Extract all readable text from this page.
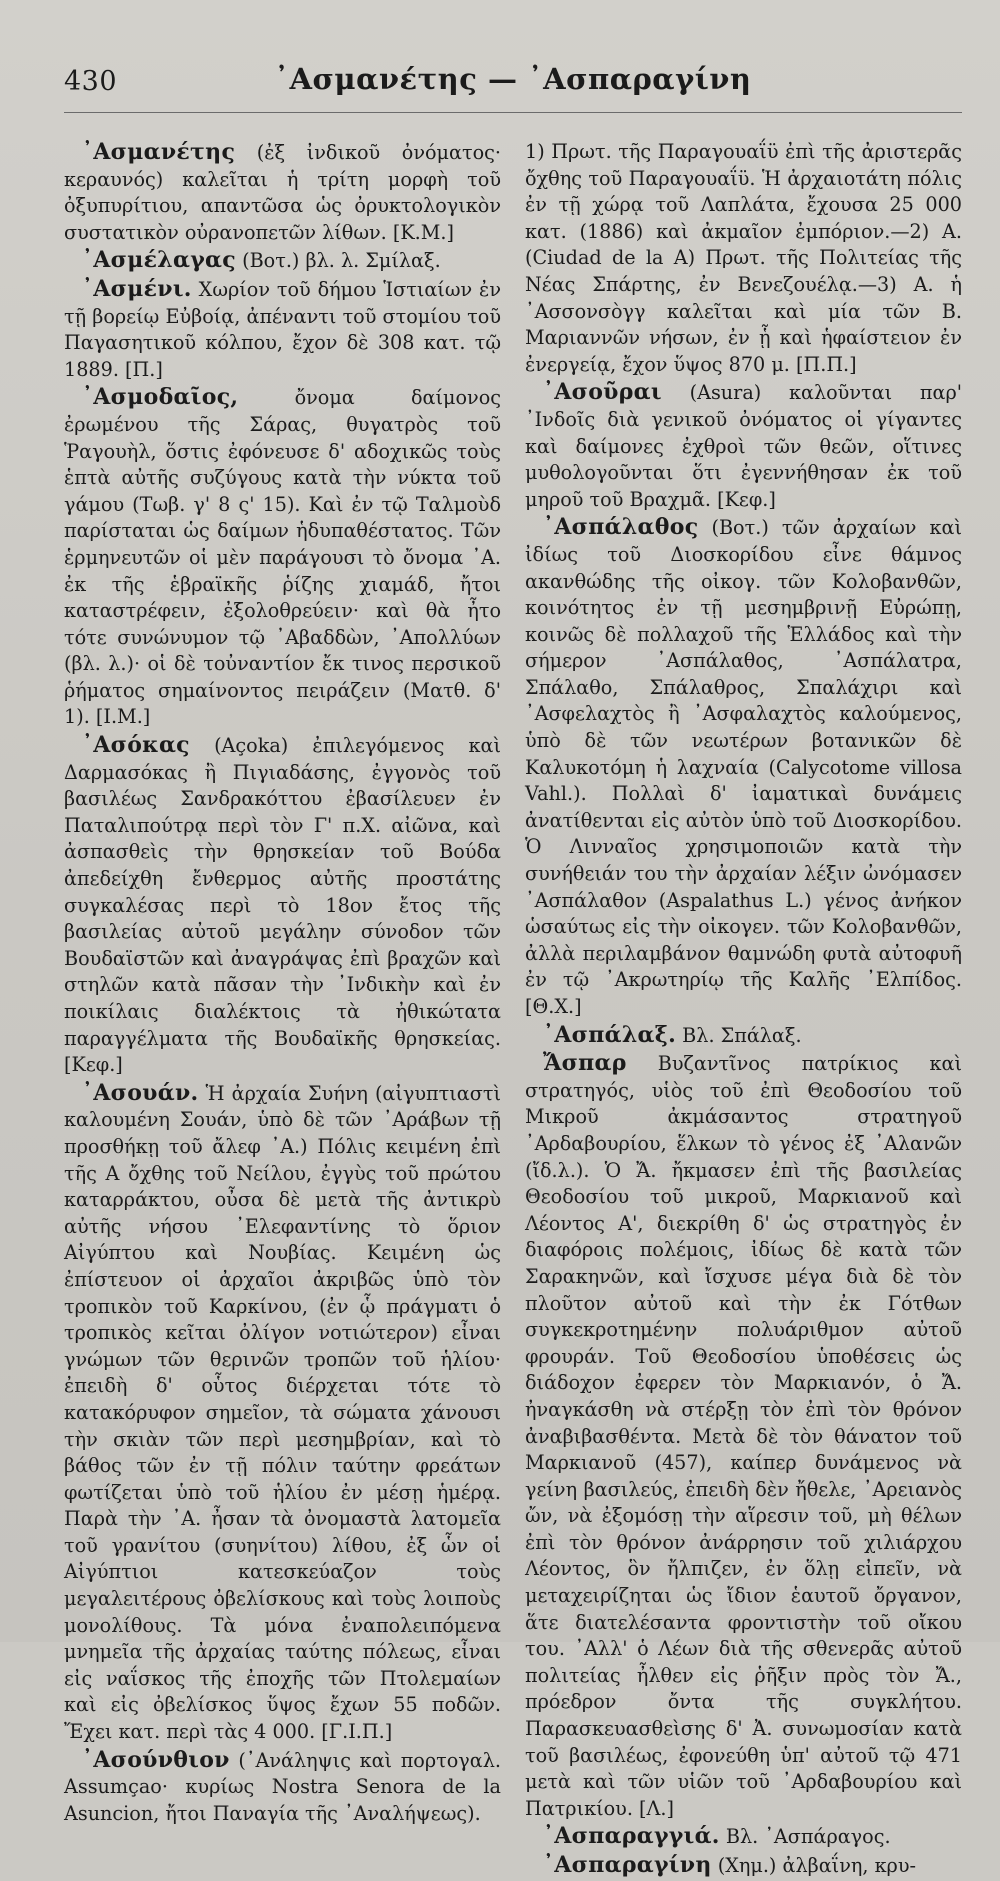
430	᾿Ασμανέτης — ᾿Ασπαραγίνη

᾿Ασμανέτης (ἐξ ἰνδικοῦ ὀνόματος· κεραυνός) καλεῖται ἡ τρίτη μορφὴ τοῦ ὀξυπυρίτιου, απαντῶσα ὡς ὀρυκτολογικὸν συστατικὸν οὐρανοπετῶν λίθων. [Κ.Μ.]

᾿Ασμέλαγας (Βοτ.) βλ. λ. Σμίλαξ.

᾿Ασμένι. Χωρίον τοῦ δήμου Ἱστιαίων ἐν τῇ βορείῳ Εὐβοίᾳ, ἀπέναντι τοῦ στομίου τοῦ Παγασητικοῦ κόλπου, ἔχον δὲ 308 κατ. τῷ 1889. [Π.]

᾿Ασμοδαῖος, ὄνομα δαίμονος ἐρωμένου τῆς Σάρας, θυγατρὸς τοῦ Ῥαγουὴλ, ὅστις ἐφόνευσε δ' αδοχικῶς τοὺς ἑπτὰ αὐτῆς συζύγους κατὰ τὴν νύκτα τοῦ γάμου (Τωβ. γ' 8 ς' 15). Καὶ ἐν τῷ Ταλμοὺδ παρίσταται ὡς δαίμων ἡδυπαθέστατος. Τῶν ἑρμηνευτῶν οἱ μὲν παράγουσι τὸ ὄνομα ᾿Α. ἐκ τῆς ἑβραϊκῆς ῥίζης χιαμάδ, ἤτοι καταστρέφειν, ἐξολοθρεύειν· καὶ θὰ ἦτο τότε συνώνυμον τῷ ᾿Αβαδδὼν, ᾿Απολλύων (βλ. λ.)· οἱ δὲ τοὐναντίον ἔκ τινος περσικοῦ ῥήματος σημαίνοντος πειράζειν (Ματθ. δ' 1). [Ι.Μ.]

᾿Ασόκας (Açoka) ἐπιλεγόμενος καὶ Δαρμασόκας ἢ Πιγιαδάσης, ἐγγονὸς τοῦ βασιλέως Σανδρακόττου ἐβασίλευεν ἐν Παταλιπούτρᾳ περὶ τὸν Γ' π.Χ. αἰῶνα, καὶ ἀσπασθεὶς τὴν θρησκείαν τοῦ Βούδα ἀπεδείχθη ἔνθερμος αὐτῆς προστάτης συγκαλέσας περὶ τὸ 18ον ἔτος τῆς βασιλείας αὐτοῦ μεγάλην σύνοδον τῶν Βουδαϊστῶν καὶ ἀναγράψας ἐπὶ βραχῶν καὶ στηλῶν κατὰ πᾶσαν τὴν ᾿Ινδικὴν καὶ ἐν ποικίλαις διαλέκτοις τὰ ἠθικώτατα παραγγέλματα τῆς Βουδαϊκῆς θρησκείας. [Κεφ.]

᾿Ασουάν. Ἡ ἀρχαία Συήνη (αἰγυπτιαστὶ καλουμένη Σουάν, ὑπὸ δὲ τῶν ᾿Αράβων τῇ προσθήκῃ τοῦ ἄλεφ ᾿Α.) Πόλις κειμένη ἐπὶ τῆς Α ὄχθης τοῦ Νείλου, ἐγγὺς τοῦ πρώτου καταρράκτου, οὖσα δὲ μετὰ τῆς ἀντικρὺ αὐτῆς νήσου ᾿Ελεφαντίνης τὸ ὅριον Αἰγύπτου καὶ Νουβίας. Κειμένη ὡς ἐπίστευον οἱ ἀρχαῖοι ἀκριβῶς ὑπὸ τὸν τροπικὸν τοῦ Καρκίνου, (ἐν ᾧ πράγματι ὁ τροπικὸς κεῖται ὀλίγον νοτιώτερον) εἶναι γνώμων τῶν θερινῶν τροπῶν τοῦ ἡλίου· ἐπειδὴ δ' οὗτος διέρχεται τότε τὸ κατακόρυφον σημεῖον, τὰ σώματα χάνουσι τὴν σκιὰν τῶν περὶ μεσημβρίαν, καὶ τὸ βάθος τῶν ἐν τῇ πόλιν ταύτην φρεάτων φωτίζεται ὑπὸ τοῦ ἡλίου ἐν μέσῃ ἡμέρᾳ. Παρὰ τὴν ᾿Α. ἦσαν τὰ ὀνομαστὰ λατομεῖα τοῦ γρανίτου (συηνίτου) λίθου, ἐξ ὧν οἱ Αἰγύπτιοι κατεσκεύαζον τοὺς μεγαλειτέρους ὀβελίσκους καὶ τοὺς λοιποὺς μονολίθους. Τὰ μόνα ἐναπολειπόμενα μνημεῖα τῆς ἀρχαίας ταύτης πόλεως, εἶναι εἰς ναΐσκος τῆς ἐποχῆς τῶν Πτολεμαίων καὶ εἰς ὀβελίσκος ὕψος ἔχων 55 ποδῶν. Ἔχει κατ. περὶ τὰς 4 000. [Γ.Ι.Π.]

᾿Ασούνθιον (᾿Ανάληψις καὶ πορτογαλ. Assumçao· κυρίως Nostra Senora de la Asuncion, ἤτοι Παναγία τῆς ᾿Αναλήψεως).

1) Πρωτ. τῆς Παραγουαΐϋ ἐπὶ τῆς ἀριστερᾶς ὄχθης τοῦ Παραγουαΐϋ. Ἡ ἀρχαιοτάτη πόλις ἐν τῇ χώρᾳ τοῦ Λαπλάτα, ἔχουσα 25 000 κατ. (1886) καὶ ἀκμαῖον ἐμπόριον.—2) Α. (Ciudad de la A) Πρωτ. τῆς Πολιτείας τῆς Νέας Σπάρτης, ἐν Βενεζουέλᾳ.—3) Α. ἡ ᾿Ασσονσὸγγ καλεῖται καὶ μία τῶν Β. Μαριαννῶν νήσων, ἐν ᾗ καὶ ἡφαίστειον ἐν ἐνεργείᾳ, ἔχον ὕψος 870 μ. [Π.Π.]

᾿Ασοῦραι (Asura) καλοῦνται παρ' ᾿Ινδοῖς διὰ γενικοῦ ὀνόματος οἱ γίγαντες καὶ δαίμονες ἐχθροὶ τῶν θεῶν, οἵτινες μυθολογοῦνται ὅτι ἐγεννήθησαν ἐκ τοῦ μηροῦ τοῦ Βραχμᾶ. [Κεφ.]

᾿Ασπάλαθος (Βοτ.) τῶν ἀρχαίων καὶ ἰδίως τοῦ Διοσκορίδου εἶνε θάμνος ακανθώδης τῆς οἰκογ. τῶν Κολοβανθῶν, κοινότητος ἐν τῇ μεσημβρινῇ Εὐρώπῃ, κοινῶς δὲ πολλαχοῦ τῆς Ἑλλάδος καὶ τὴν σήμερον ᾿Ασπάλαθος, ᾿Ασπάλατρα, Σπάλαθο, Σπάλαθρος, Σπαλάχιρι καὶ ᾿Ασφελαχτὸς ἢ ᾿Ασφαλαχτὸς καλούμενος, ὑπὸ δὲ τῶν νεωτέρων βοτανικῶν δὲ Καλυκοτόμη ἡ λαχναία (Calycotome villosa Vahl.). Πολλαὶ δ' ἰαματικαὶ δυνάμεις ἀνατίθενται εἰς αὐτὸν ὑπὸ τοῦ Διοσκορίδου. Ὁ Λινναῖος χρησιμοποιῶν κατὰ τὴν συνήθειάν του τὴν ἀρχαίαν λέξιν ὠνόμασεν ᾿Ασπάλαθον (Aspalathus L.) γένος ἀνήκον ὡσαύτως εἰς τὴν οἰκογεν. τῶν Κολοβανθῶν, ἀλλὰ περιλαμβάνον θαμνώδη φυτὰ αὐτοφυῆ ἐν τῷ ᾿Ακρωτηρίῳ τῆς Καλῆς ᾿Ελπίδος. [Θ.Χ.]

᾿Ασπάλαξ. Βλ. Σπάλαξ.

Ἄσπαρ Βυζαντῖνος πατρίκιος καὶ στρατηγός, υἱὸς τοῦ ἐπὶ Θεοδοσίου τοῦ Μικροῦ ἀκμάσαντος στρατηγοῦ ᾿Αρδαβουρίου, ἕλκων τὸ γένος ἐξ ᾿Αλανῶν (ἴδ.λ.). Ὁ Ἄ. ἤκμασεν ἐπὶ τῆς βασιλείας Θεοδοσίου τοῦ μικροῦ, Μαρκιανοῦ καὶ Λέοντος Α', διεκρίθη δ' ὡς στρατηγὸς ἐν διαφόροις πολέμοις, ἰδίως δὲ κατὰ τῶν Σαρακηνῶν, καὶ ἴσχυσε μέγα διὰ δὲ τὸν πλοῦτον αὐτοῦ καὶ τὴν ἐκ Γότθων συγκεκροτημένην πολυάριθμον αὐτοῦ φρουράν. Τοῦ Θεοδοσίου ὑποθέσεις ὡς διάδοχον ἐφερεν τὸν Μαρκιανόν, ὁ Ἄ. ἠναγκάσθη νὰ στέρξῃ τὸν ἐπὶ τὸν θρόνον ἀναβιβασθέντα. Μετὰ δὲ τὸν θάνατον τοῦ Μαρκιανοῦ (457), καίπερ δυνάμενος νὰ γείνη βασιλεύς, ἐπειδὴ δὲν ἤθελε, ᾿Αρειανὸς ὤν, νὰ ἐξομόσῃ τὴν αἵρεσιν τοῦ, μὴ θέλων ἐπὶ τὸν θρόνον ἀνάρρησιν τοῦ χιλιάρχου Λέοντος, ὃν ἤλπιζεν, ἐν ὅλῃ εἰπεῖν, νὰ μεταχειρίζηται ὡς ἴδιον ἑαυτοῦ ὄργανον, ἅτε διατελέσαντα φροντιστὴν τοῦ οἴκου του. ᾿Αλλ' ὁ Λέων διὰ τῆς σθενερᾶς αὐτοῦ πολιτείας ἦλθεν εἰς ῥῆξιν πρὸς τὸν Ἄ., πρόεδρον ὄντα τῆς συγκλήτου. Παρασκευασθεὶσης δ' Ἀ. συνωμοσίαν κατὰ τοῦ βασιλέως, ἐφονεύθη ὑπ' αὐτοῦ τῷ 471 μετὰ καὶ τῶν υἱῶν τοῦ ᾿Αρδαβουρίου καὶ Πατρικίου. [Λ.]

᾿Ασπαραγγιά. Βλ. ᾿Ασπάραγος.

᾿Ασπαραγίνη (Χημ.) ἀλβαΐνη, κρυ-
